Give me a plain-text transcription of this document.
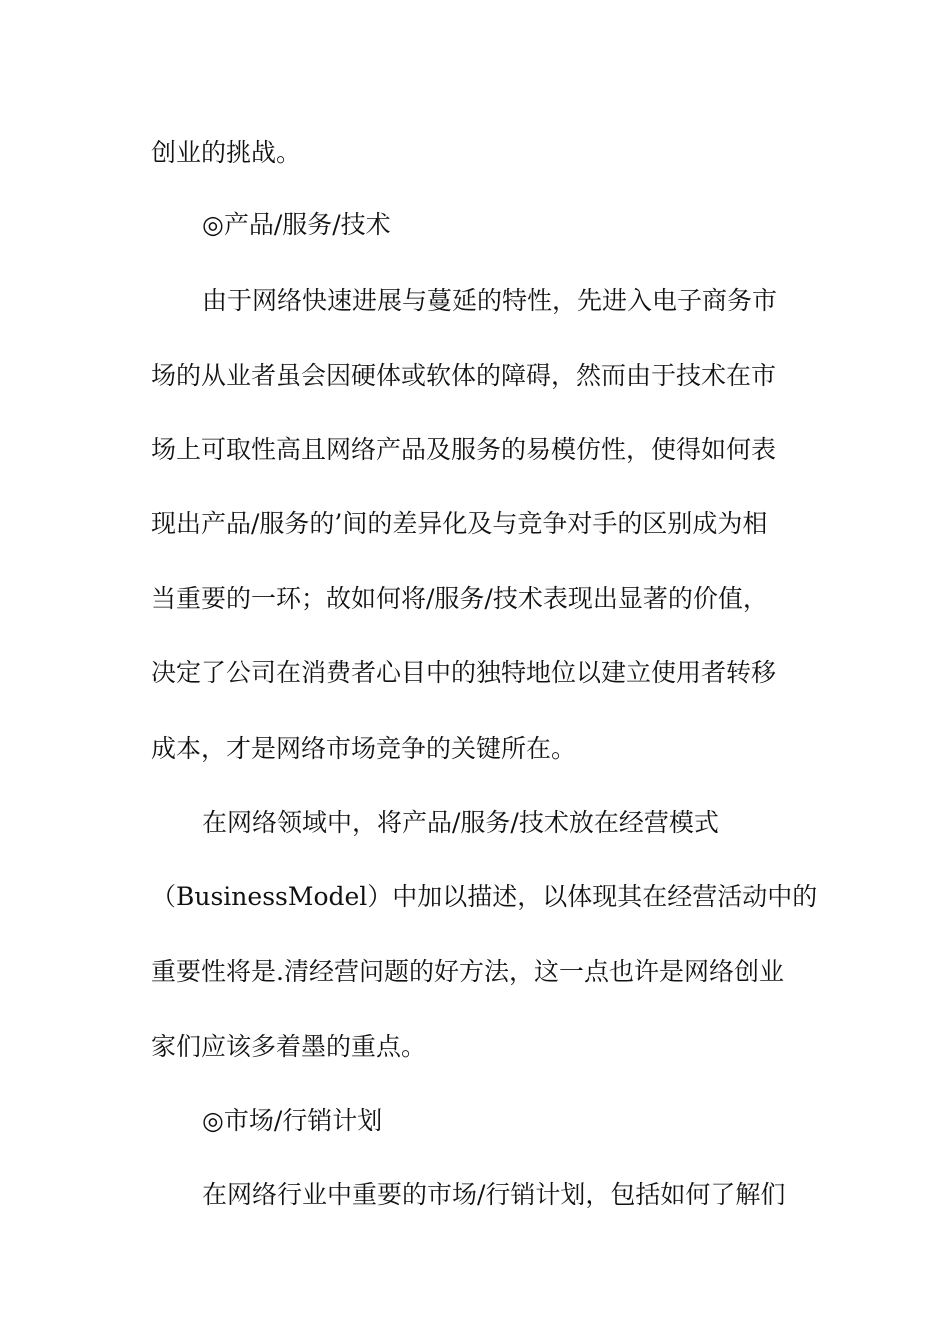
创业的挑战。
◎产品/服务/技术
由于网络快速进展与蔓延的特性，先进入电子商务市
场的从业者虽会因硬体或软体的障碍，然而由于技术在市
场上可取性高且网络产品及服务的易模仿性，使得如何表
现出产品/服务的’间的差异化及与竞争对手的区别成为相
当重要的一环；故如何将/服务/技术表现出显著的价值，
决定了公司在消费者心目中的独特地位以建立使用者转移
成本，才是网络市场竞争的关键所在。
在网络领域中，将产品/服务/技术放在经营模式
（BusinessModel）中加以描述，以体现其在经营活动中的
重要性将是.清经营问题的好方法，这一点也许是网络创业
家们应该多着墨的重点。
◎市场/行销计划
在网络行业中重要的市场/行销计划，包括如何了解们
